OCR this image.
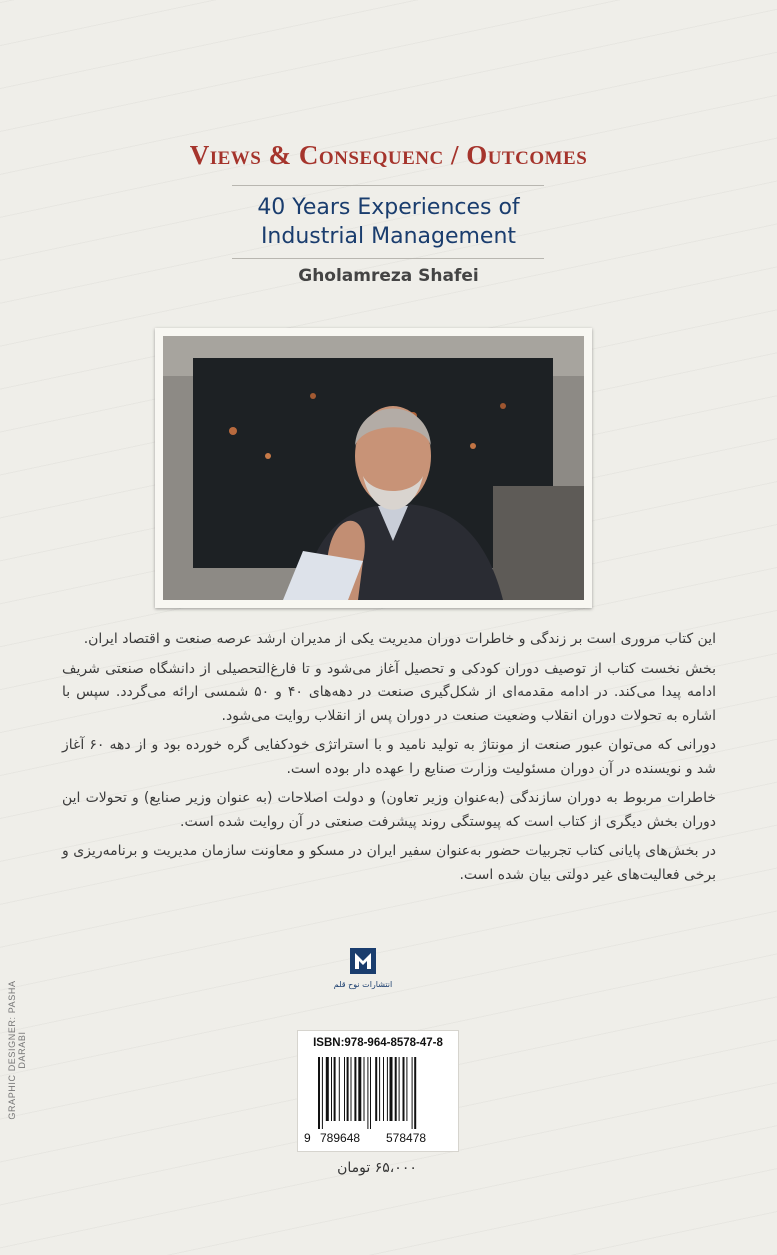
Views & Consequenc / Outcomes
40 Years Experiences of
Industrial Management
Gholamreza Shafei

این کتاب مروری است بر زندگی و خاطرات دوران مدیریت یکی از مدیران ارشد عرصه صنعت و اقتصاد ایران.

بخش نخست کتاب از توصیف دوران کودکی و تحصیل آغاز می‌شود و تا فارغ‌التحصیلی از دانشگاه صنعتی شریف ادامه پیدا می‌کند. در ادامه مقدمه‌ای از شکل‌گیری صنعت در دهه‌های ۴۰ و ۵۰ شمسی ارائه می‌گردد. سپس با اشاره به تحولات دوران انقلاب وضعیت صنعت در دوران پس از انقلاب روایت می‌شود.

دورانی که می‌توان عبور صنعت از مونتاژ به تولید نامید و با استراتژی خودکفایی گره خورده بود و از دهه ۶۰ آغاز شد و نویسنده در آن دوران مسئولیت وزارت صنایع را عهده دار بوده است.

خاطرات مربوط به دوران سازندگی (به‌عنوان وزیر تعاون) و دولت اصلاحات (به عنوان وزیر صنایع) و تحولات این دوران بخش دیگری از کتاب است که پیوستگی روند پیشرفت صنعتی در آن روایت شده است.

در بخش‌های پایانی کتاب تجربیات حضور به‌عنوان سفیر ایران در مسکو و معاونت سازمان مدیریت و برنامه‌ریزی و برخی فعالیت‌های غیر دولتی بیان شده است.

انتشارات نوح قلم
ISBN:978-964-8578-47-8
9 789648 578478
۶۵،۰۰۰ تومان
GRAPHIC DESIGNER: PASHA DARABI
